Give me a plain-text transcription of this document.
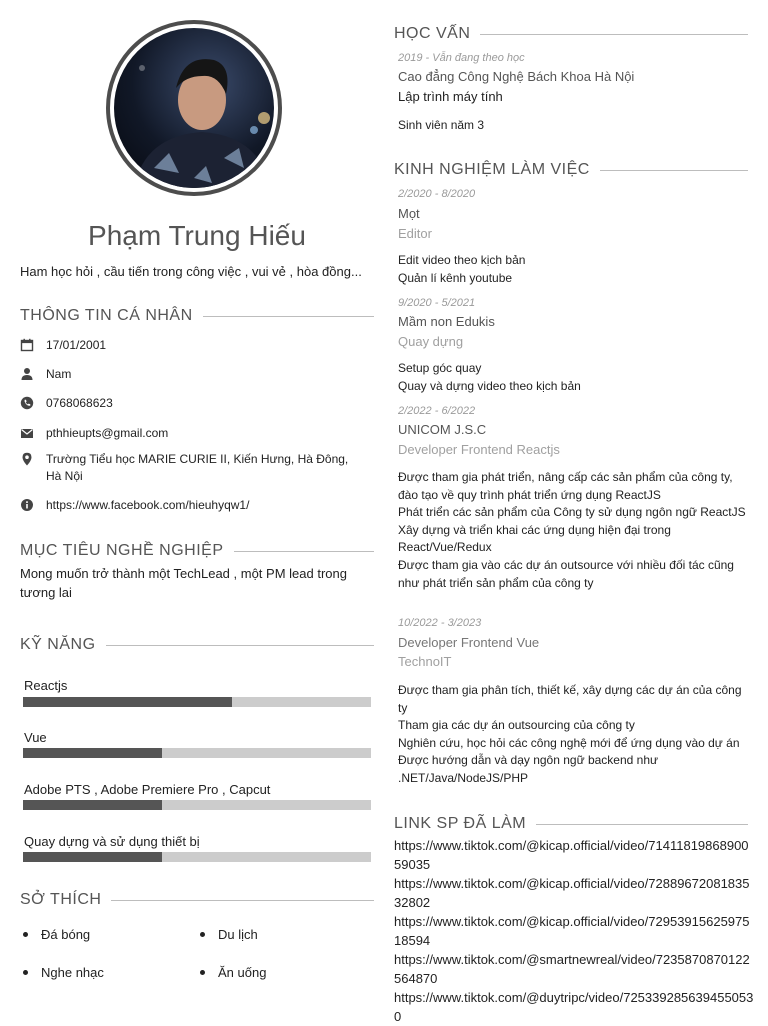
Phạm Trung Hiếu
Ham học hỏi , cầu tiến trong công việc , vui vẻ , hòa đồng...
THÔNG TIN CÁ NHÂN
17/01/2001
Nam
0768068623
pthhieupts@gmail.com
Trường Tiểu học MARIE CURIE II, Kiến Hưng, Hà Đông, Hà Nội
https://www.facebook.com/hieuhyqw1/
MỤC TIÊU NGHỀ NGHIỆP
Mong muốn trở thành một TechLead , một PM lead trong tương lai
KỸ NĂNG
Reactjs
Vue
Adobe PTS , Adobe Premiere Pro , Capcut
Quay dựng và sử dụng thiết bị
SỞ THÍCH
Đá bóng	Du lịch
Nghe nhạc	Ăn uống
HỌC VẤN
2019 - Vẫn đang theo học
Cao đẳng Công Nghệ Bách Khoa Hà Nội
Lập trình máy tính
Sinh viên năm 3
KINH NGHIỆM LÀM VIỆC
2/2020 - 8/2020
Mọt
Editor
Edit video theo kịch bản
Quản lí kênh youtube
9/2020 - 5/2021
Mầm non Edukis
Quay dựng
Setup góc quay
Quay và dựng video theo kịch bản
2/2022 - 6/2022
UNICOM J.S.C
Developer Frontend Reactjs
Được tham gia phát triển, nâng cấp các sản phẩm của công ty, đào tạo về quy trình phát triển ứng dụng ReactJS
Phát triển các sản phẩm của Công ty sử dụng ngôn ngữ ReactJS
Xây dựng và triển khai các ứng dụng hiện đại trong React/Vue/Redux
Được tham gia vào các dự án outsource với nhiều đối tác cũng như phát triển sản phẩm của công ty
10/2022 - 3/2023
Developer Frontend Vue
TechnoIT
Được tham gia phân tích, thiết kế, xây dựng các dự án của công ty
Tham gia các dự án outsourcing của công ty
Nghiên cứu, học hỏi các công nghệ mới để ứng dụng vào dự án
Được hướng dẫn và dạy ngôn ngữ backend như .NET/Java/NodeJS/PHP
LINK SP ĐÃ LÀM
https://www.tiktok.com/@kicap.official/video/7141181986890059035
https://www.tiktok.com/@kicap.official/video/7288967208183532802
https://www.tiktok.com/@kicap.official/video/7295391562597518594
https://www.tiktok.com/@smartnewreal/video/7235870870122564870
https://www.tiktok.com/@duytripc/video/7253392856394550530
